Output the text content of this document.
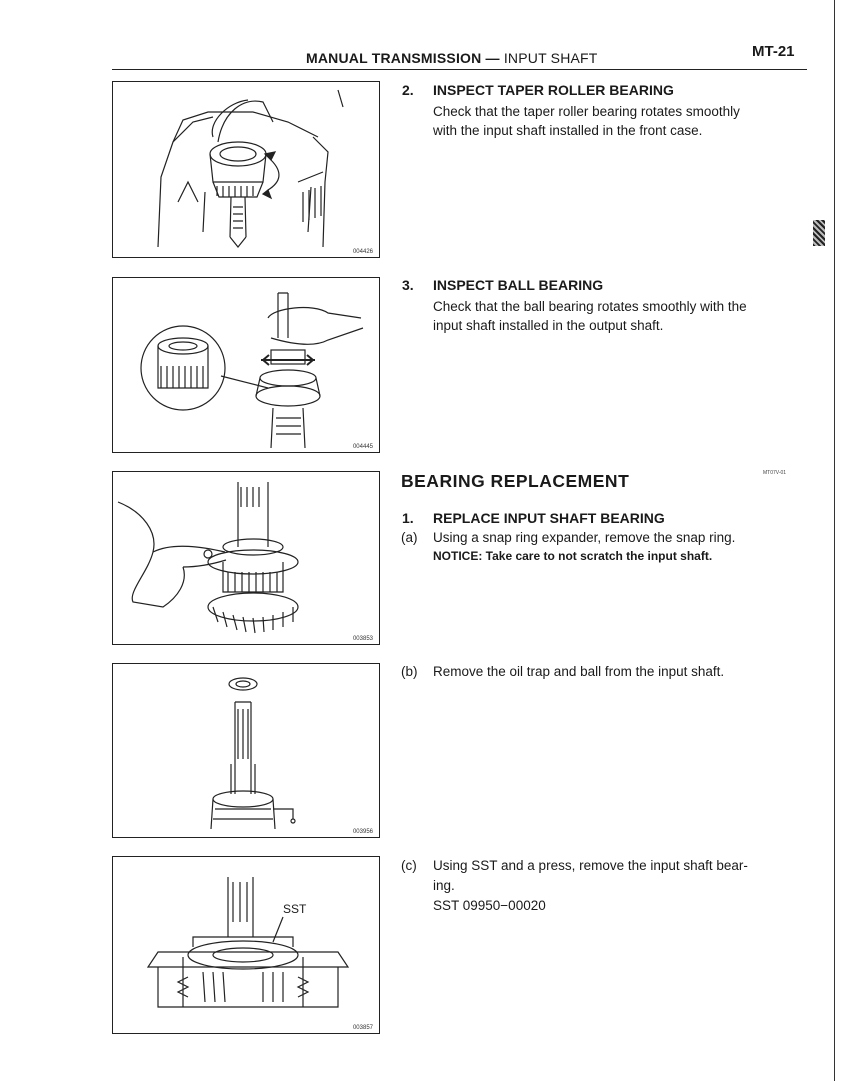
MANUAL TRANSMISSION — INPUT SHAFT	MT-21
004426
004445
003853
003956
SST
003857
2. INSPECT TAPER ROLLER BEARING
Check that the taper roller bearing rotates smoothly
with the input shaft installed in the front case.
3. INSPECT BALL BEARING
Check that the ball bearing rotates smoothly with the
input shaft installed in the output shaft.
BEARING REPLACEMENT	MT07V-01
1. REPLACE INPUT SHAFT BEARING
(a) Using a snap ring expander, remove the snap ring.
NOTICE: Take care to not scratch the input shaft.
(b) Remove the oil trap and ball from the input shaft.
(c) Using SST and a press, remove the input shaft bear-
ing.
SST 09950−00020
